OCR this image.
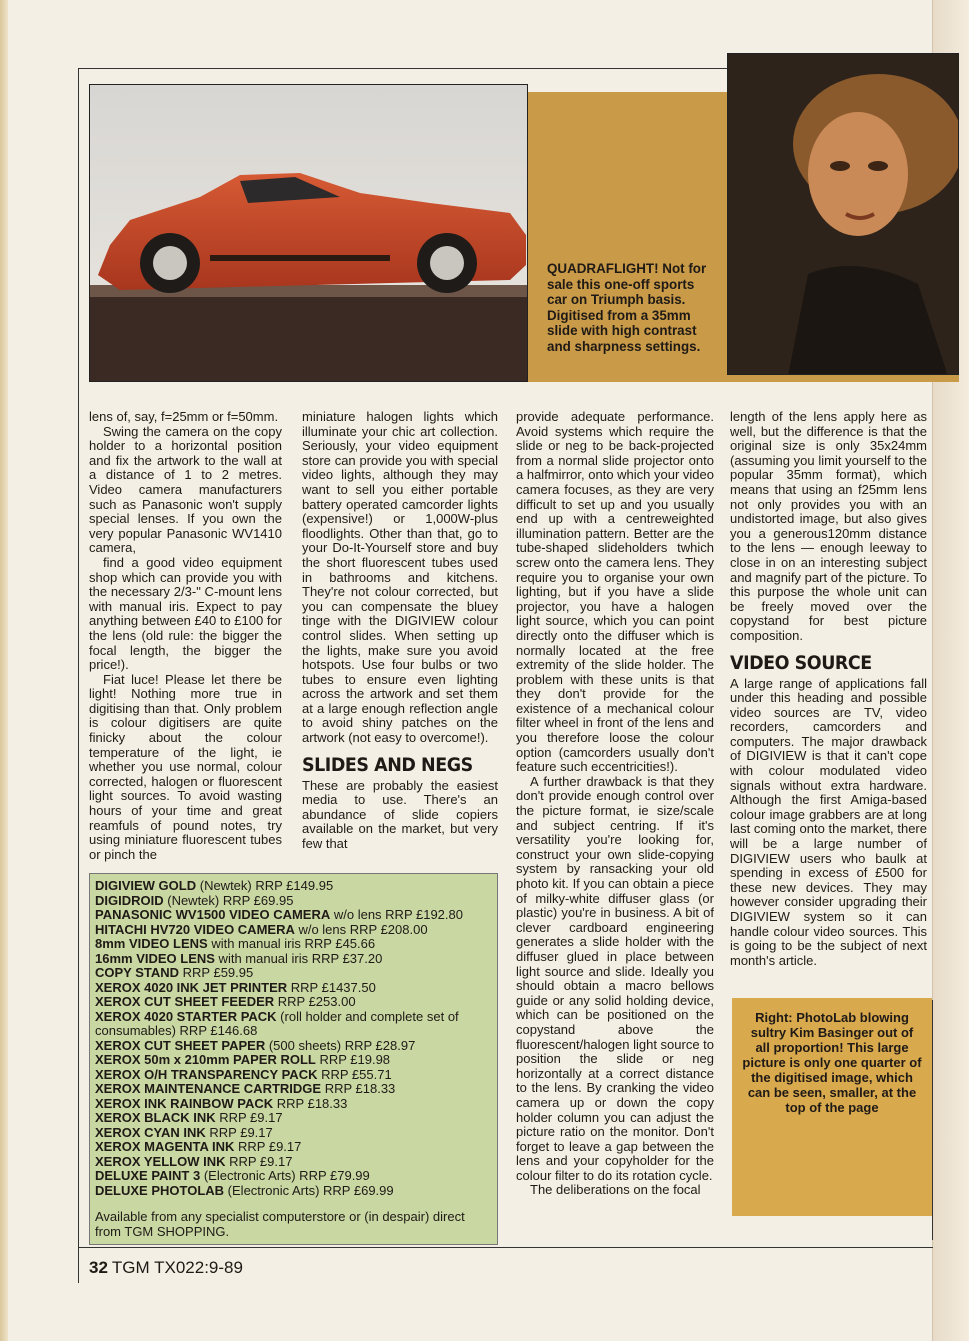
QUADRAFLIGHT! Not for sale this one-off sports car on Triumph basis. Digitised from a 35mm slide with high contrast and sharpness settings.

lens of, say, f=25mm or f=50mm.

Swing the camera on the copy holder to a horizontal position and fix the artwork to the wall at a distance of 1 to 2 metres. Video camera manufacturers such as Panasonic won't supply special lenses. If you own the very popular Panasonic WV1410 camera,

find a good video equipment shop which can provide you with the necessary 2/3-" C-mount lens with manual iris. Expect to pay anything between £40 to £100 for the lens (old rule: the bigger the focal length, the bigger the price!).

Fiat luce! Please let there be light! Nothing more true in digitising than that. Only problem is colour digitisers are quite finicky about the colour temperature of the light, ie whether you use normal, colour corrected, halogen or fluorescent light sources. To avoid wasting hours of your time and great reamfuls of pound notes, try using miniature fluorescent tubes or pinch the

miniature halogen lights which illuminate your chic art collection. Seriously, your video equipment store can provide you with special video lights, although they may want to sell you either portable battery operated camcorder lights (expensive!) or 1,000W-plus floodlights. Other than that, go to your Do-It-Yourself store and buy the short fluorescent tubes used in bathrooms and kitchens. They're not colour corrected, but you can compensate the bluey tinge with the DIGIVIEW colour control slides. When setting up the lights, make sure you avoid hotspots. Use four bulbs or two tubes to ensure even lighting across the artwork and set them at a large enough reflection angle to avoid shiny patches on the artwork (not easy to overcome!).

SLIDES AND NEGS

These are probably the easiest media to use. There's an abundance of slide copiers available on the market, but very few that

provide adequate performance. Avoid systems which require the slide or neg to be back-projected from a normal slide projector onto a halfmirror, onto which your video camera focuses, as they are very difficult to set up and you usually end up with a centreweighted illumination pattern. Better are the tube-shaped slideholders twhich screw onto the camera lens. They require you to organise your own lighting, but if you have a slide projector, you have a halogen light source, which you can point directly onto the diffuser which is normally located at the free extremity of the slide holder. The problem with these units is that they don't provide for the existence of a mechanical colour filter wheel in front of the lens and you therefore loose the colour option (camcorders usually don't feature such eccentricities!).

A further drawback is that they don't provide enough control over the picture format, ie size/scale and subject centring. If it's versatility you're looking for, construct your own slide-copying system by ransacking your old photo kit. If you can obtain a piece of milky-white diffuser glass (or plastic) you're in business. A bit of clever cardboard engineering generates a slide holder with the diffuser glued in place between light source and slide. Ideally you should obtain a macro bellows guide or any solid holding device, which can be positioned on the copystand above the fluorescent/halogen light source to position the slide or neg horizontally at a correct distance to the lens. By cranking the video camera up or down the copy holder column you can adjust the picture ratio on the monitor. Don't forget to leave a gap between the lens and your copyholder for the colour filter to do its rotation cycle.

The deliberations on the focal

length of the lens apply here as well, but the difference is that the original size is only 35x24mm (assuming you limit yourself to the popular 35mm format), which means that using an f25mm lens not only provides you with an undistorted image, but also gives you a generous120mm distance to the lens — enough leeway to close in on an interesting subject and magnify part of the picture. To this purpose the whole unit can be freely moved over the copystand for best picture composition.

VIDEO SOURCE

A large range of applications fall under this heading and possible video sources are TV, video recorders, camcorders and computers. The major drawback of DIGIVIEW is that it can't cope with colour modulated video signals without extra hardware. Although the first Amiga-based colour image grabbers are at long last coming onto the market, there will be a large number of DIGIVIEW users who baulk at spending in excess of £500 for these new devices. They may however consider upgrading their DIGIVIEW system so it can handle colour video sources. This is going to be the subject of next month's article.

DIGIVIEW GOLD (Newtek) RRP £149.95
DIGIDROID (Newtek) RRP £69.95
PANASONIC WV1500 VIDEO CAMERA w/o lens RRP £192.80
HITACHI HV720 VIDEO CAMERA w/o lens RRP £208.00
8mm VIDEO LENS with manual iris RRP £45.66
16mm VIDEO LENS with manual iris RRP £37.20
COPY STAND RRP £59.95
XEROX 4020 INK JET PRINTER RRP £1437.50
XEROX CUT SHEET FEEDER RRP £253.00
XEROX 4020 STARTER PACK (roll holder and complete set of consumables) RRP £146.68
XEROX CUT SHEET PAPER (500 sheets) RRP £28.97
XEROX 50m x 210mm PAPER ROLL RRP £19.98
XEROX O/H TRANSPARENCY PACK RRP £55.71
XEROX MAINTENANCE CARTRIDGE RRP £18.33
XEROX INK RAINBOW PACK RRP £18.33
XEROX BLACK INK RRP £9.17
XEROX CYAN INK RRP £9.17
XEROX MAGENTA INK RRP £9.17
XEROX YELLOW INK RRP £9.17
DELUXE PAINT 3 (Electronic Arts) RRP £79.99
DELUXE PHOTOLAB (Electronic Arts) RRP £69.99
Available from any specialist computerstore or (in despair) direct from TGM SHOPPING.
Right: PhotoLab blowing sultry Kim Basinger out of all proportion! This large picture is only one quarter of the digitised image, which can be seen, smaller, at the top of the page
32 TGM TX022:9-89
